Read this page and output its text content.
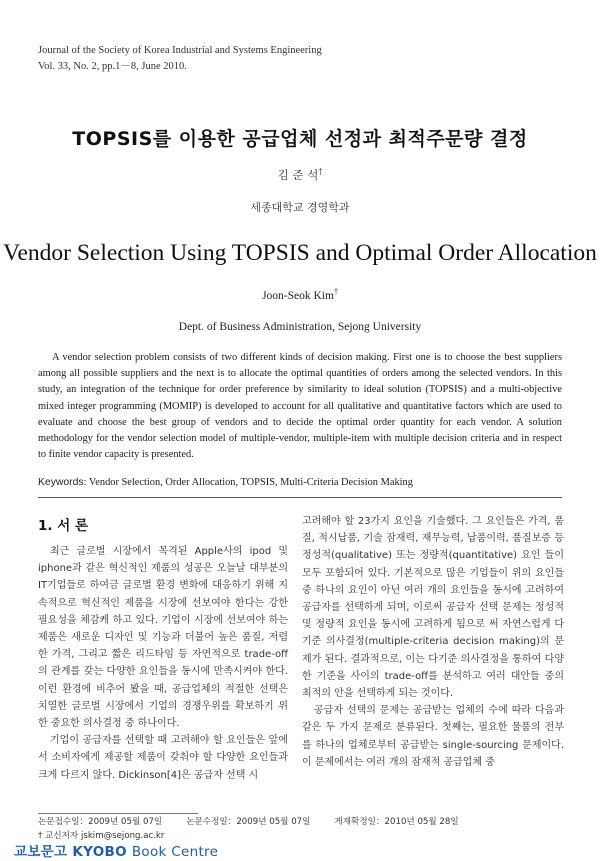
Journal of the Society of Korea Industrial and Systems Engineering
Vol. 33, No. 2, pp.1－8, June 2010.
TOPSIS를 이용한 공급업체 선정과 최적주문량 결정
김 준 석†
세종대학교 경영학과
Vendor Selection Using TOPSIS and Optimal Order Allocation
Joon-Seok Kim†
Dept. of Business Administration, Sejong University
A vendor selection problem consists of two different kinds of decision making. First one is to choose the best suppliers among all possible suppliers and the next is to allocate the optimal quantities of orders among the selected vendors. In this study, an integration of the technique for order preference by similarity to ideal solution (TOPSIS) and a multi-objective mixed integer programming (MOMIP) is developed to account for all qualitative and quantitative factors which are used to evaluate and choose the best group of vendors and to decide the optimal order quantity for each vendor. A solution methodology for the vendor selection model of multiple-vendor, multiple-item with multiple decision criteria and in respect to finite vendor capacity is presented.
Keywords: Vendor Selection, Order Allocation, TOPSIS, Multi-Criteria Decision Making
1. 서 론

최근 글로벌 시장에서 목격된 Apple사의 ipod 및 iphone과 같은 혁신적인 제품의 성공은 오늘날 대부분의 IT기업들로 하여금 글로벌 환경 변화에 대응하기 위해 지속적으로 혁신적인 제품을 시장에 선보여야 한다는 강한 필요성을 체감케 하고 있다. 기업이 시장에 선보여야 하는 제품은 새로운 디자인 및 기능과 더불어 높은 품질, 저렴한 가격, 그리고 짧은 리드타임 등 자연적으로 trade-off의 관계를 갖는 다양한 요인들을 동시에 만족시켜야 한다. 이런 환경에 비추어 봤을 때, 공급업체의 적절한 선택은 치열한 글로벌 시장에서 기업의 경쟁우위를 확보하기 위한 중요한 의사결정 중 하나이다.

기업이 공급자를 선택할 때 고려해야 할 요인들은 앞에서 소비자에게 제공할 제품이 갖춰야 할 다양한 요인들과 크게 다르지 않다. Dickinson[4]은 공급자 선택 시

고려해야 할 23가지 요인을 기술했다. 그 요인들은 가격, 품질, 적시납품, 기술 잠재력, 재무능력, 납품이력, 품질보증 등 정성적(qualitative) 또는 정량적(quantitative) 요인 들이 모두 포함되어 있다. 기본적으로 많은 기업들이 위의 요인들 중 하나의 요인이 아닌 여러 개의 요인들을 동시에 고려하여 공급자를 선택하게 되며, 이로써 공급자 선택 문제는 정성적 및 정량적 요인을 동시에 고려하게 됨으로 써 자연스럽게 다기준 의사결정(multiple-criteria decision making)의 문제가 된다. 결과적으로, 이는 다기준 의사결정을 통하여 다양한 기준을 사이의 trade-off를 분석하고 여러 대안들 중의 최적의 안을 선택하게 되는 것이다.

공급자 선택의 문제는 공급받는 업체의 수에 따라 다음과 같은 두 가지 문제로 분류된다. 첫째는, 필요한 물품의 전부를 하나의 업체로부터 공급받는 single-sourcing 문제이다. 이 문제에서는 여러 개의 잠재적 공급업체 중

논문접수일：2009년 05월 07일	논문수정일：2009년 05월 07일	게재확정일：2010년 05월 28일
† 교신저자 jskim@sejong.ac.kr
교보문고 KYOBO Book Centre
